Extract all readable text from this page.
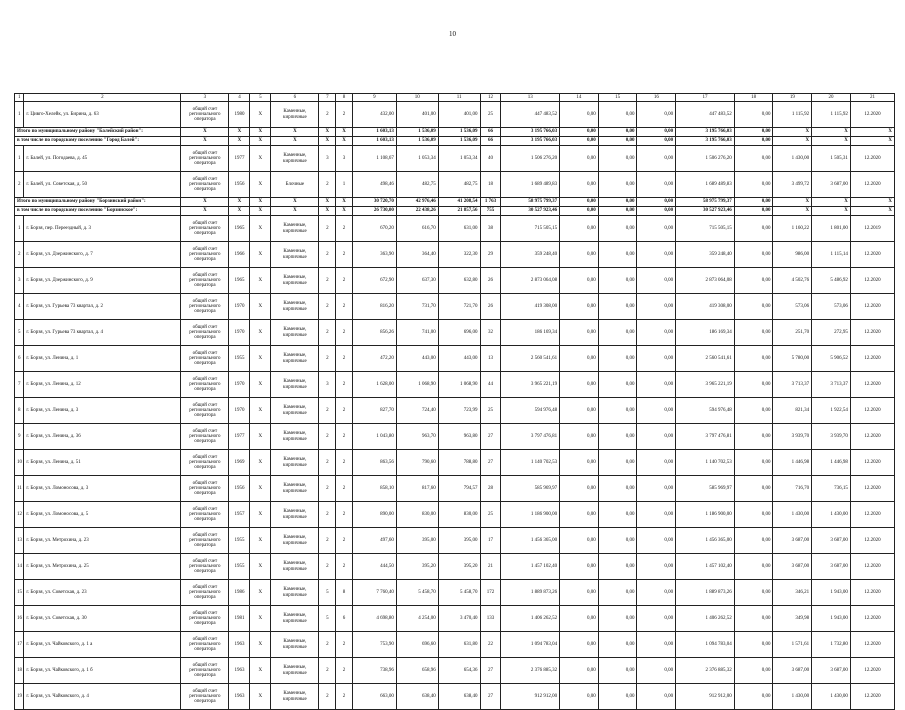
10
1	2	3	4	5	6	7	8	9	10	11	12	13	14	15	16	17	18	19	20	21
1	г. Цивго-Хелейк, ул. Бирина, д. 63	общий счет регионального оператора	1980	Х	Каменные, кирпичные	2	2	432,00	401,00	401,00	25	447 483,52	0,00	0,00	0,00	447 483,52	0,00	1 115,92	1 115,92	12.2020
Итого по муниципальному району "Балейский район":		Х	Х	Х	Х	Х	Х	1 603,13	1 536,09	1 536,09	66	3 195 766,03	0,00	0,00	0,00	3 195 766,03	0,00	Х	Х	Х
в том числе по городскому поселению "Город Балей":		Х	Х	Х	Х	Х	Х	1 603,13	1 536,09	1 536,09	66	3 195 766,03	0,00	0,00	0,00	3 195 766,03	0,00	Х	Х	Х
1	г. Балей, ул. Погодаева, д. 45	общий счет регионального оператора	1977	Х	Каменные, кирпичные	3	3	1 108,67	1 053,34	1 053,34	40	1 506 276,20	0,00	0,00	0,00	1 506 276,20	0,00	1 430,00	1 505,31	12.2020
2	г. Балей, ул. Советская, д. 50	общий счет регионального оператора	1956	Х	Блочные	2	1	498,46	482,75	482,75	18	1 689 489,83	0,00	0,00	0,00	1 689 489,83	0,00	3 499,72	3 687,00	12.2020
Итого по муниципальному району "Борзинский район":		Х	Х	Х	Х	Х	Х	30 720,70	42 976,46	41 208,54	1 763	58 975 799,37	0,00	0,00	0,00	58 975 799,37	0,00	Х	Х	Х
в том числе по городскому поселению "Борзинское":		Х	Х	Х	Х	Х	Х	26 730,00	22 438,26	21 857,56	755	30 527 923,46	0,00	0,00	0,00	30 527 923,46	0,00	Х	Х	Х
1	г. Борзя, пер. Переездный, д. 3	общий счет регионального оператора	1965	Х	Каменные, кирпичные	2	2	670,20	616,70	631,00	38	715 505,15	0,00	0,00	0,00	715 505,15	0,00	1 160,22	1 801,00	12.2019
2	г. Борзя, ул. Дзержинского, д. 7	общий счет регионального оператора	1966	Х	Каменные, кирпичные	2	2	363,90	364,40	322,30	29	359 248,40	0,00	0,00	0,00	359 248,40	0,00	986,00	1 115,14	12.2020
3	г. Борзя, ул. Дзержинского, д. 9	общий счет регионального оператора	1965	Х	Каменные, кирпичные	2	2	672,90	637,30	632,80	26	2 873 064,08	0,00	0,00	0,00	2 873 064,08	0,00	4 502,76	5 486,92	12.2020
4	г. Борзя, ул. Гурьева 73 квартал, д. 2	общий счет регионального оператора	1970	Х	Каменные, кирпичные	2	2	816,20	731,70	721,70	26	419 308,00	0,00	0,00	0,00	419 308,00	0,00	573,06	573,06	12.2020
5	г. Борзя, ул. Гурьева 73 квартал, д. 4	общий счет регионального оператора	1970	Х	Каменные, кирпичные	2	2	856,26	741,00	696,00	32	186 169,34	0,00	0,00	0,00	186 169,34	0,00	251,70	272,95	12.2020
6	г. Борзя, ул. Ленина, д. 1	общий счет регионального оператора	1955	Х	Каменные, кирпичные	2	2	472,20	443,00	443,00	13	2 560 541,61	0,00	0,00	0,00	2 560 541,61	0,00	5 780,00	5 906,52	12.2020
7	г. Борзя, ул. Ленина, д. 12	общий счет регионального оператора	1970	Х	Каменные, кирпичные	3	2	1 628,00	1 068,90	1 068,90	44	3 965 221,19	0,00	0,00	0,00	3 965 221,19	0,00	3 713,37	3 713,37	12.2020
8	г. Борзя, ул. Ленина, д. 3	общий счет регионального оператора	1970	Х	Каменные, кирпичные	2	2	827,70	724,40	723,99	25	594 976,48	0,00	0,00	0,00	594 976,48	0,00	821,34	1 922,54	12.2020
9	г. Борзя, ул. Ленина, д. 36	общий счет регионального оператора	1977	Х	Каменные, кирпичные	2	2	1 043,80	963,70	963,80	27	3 797 476,81	0,00	0,00	0,00	3 797 476,81	0,00	3 939,70	3 939,70	12.2020
10	г. Борзя, ул. Ленина, д. 51	общий счет регионального оператора	1969	Х	Каменные, кирпичные	2	2	863,56	790,60	788,80	27	1 140 702,53	0,00	0,00	0,00	1 140 702,53	0,00	1 446,98	1 446,98	12.2020
11	г. Борзя, ул. Ломоносова, д. 3	общий счет регионального оператора	1956	Х	Каменные, кирпичные	2	2	858,10	817,60	794,57	28	585 969,97	0,00	0,00	0,00	585 969,97	0,00	716,70	736,15	12.2020
12	г. Борзя, ул. Ломоносова, д. 5	общий счет регионального оператора	1957	Х	Каменные, кирпичные	2	2	890,00	830,00	830,00	25	1 186 900,00	0,00	0,00	0,00	1 186 900,00	0,00	1 430,00	1 430,00	12.2020
13	г. Борзя, ул. Метрохина, д. 23	общий счет регионального оператора	1955	Х	Каменные, кирпичные	2	2	497,60	395,00	395,00	17	1 456 365,00	0,00	0,00	0,00	1 456 365,00	0,00	3 687,00	3 687,00	12.2020
14	г. Борзя, ул. Метрохина, д. 25	общий счет регионального оператора	1955	Х	Каменные, кирпичные	2	2	444,50	395,20	395,20	21	1 457 102,40	0,00	0,00	0,00	1 457 102,40	0,00	3 687,00	3 687,00	12.2020
15	г. Борзя, ул. Советская, д. 23	общий счет регионального оператора	1986	Х	Каменные, кирпичные	5	8	7 760,40	5 458,70	5 458,70	172	1 889 873,26	0,00	0,00	0,00	1 889 873,26	0,00	346,21	1 943,00	12.2020
16	г. Борзя, ул. Советская, д. 30	общий счет регионального оператора	1981	Х	Каменные, кирпичные	5	6	4 698,80	4 254,00	3 470,40	133	1 406 262,52	0,00	0,00	0,00	1 406 262,52	0,00	349,98	1 943,00	12.2020
17	г. Борзя, ул. Чайковского, д. 1 а	общий счет регионального оператора	1963	Х	Каменные, кирпичные	2	2	753,90	696,60	631,80	22	1 094 783,04	0,00	0,00	0,00	1 094 783,04	0,00	1 571,61	1 732,80	12.2020
18	г. Борзя, ул. Чайковского, д. 1 б	общий счет регионального оператора	1963	Х	Каменные, кирпичные	2	2	738,96	658,96	654,36	27	2 376 885,32	0,00	0,00	0,00	2 376 885,32	0,00	3 687,00	3 687,00	12.2020
19	г. Борзя, ул. Чайковского, д. 4	общий счет регионального оператора	1963	Х	Каменные, кирпичные	2	2	663,00	638,40	638,40	27	912 912,00	0,00	0,00	0,00	912 912,00	0,00	1 430,00	1 430,00	12.2020
